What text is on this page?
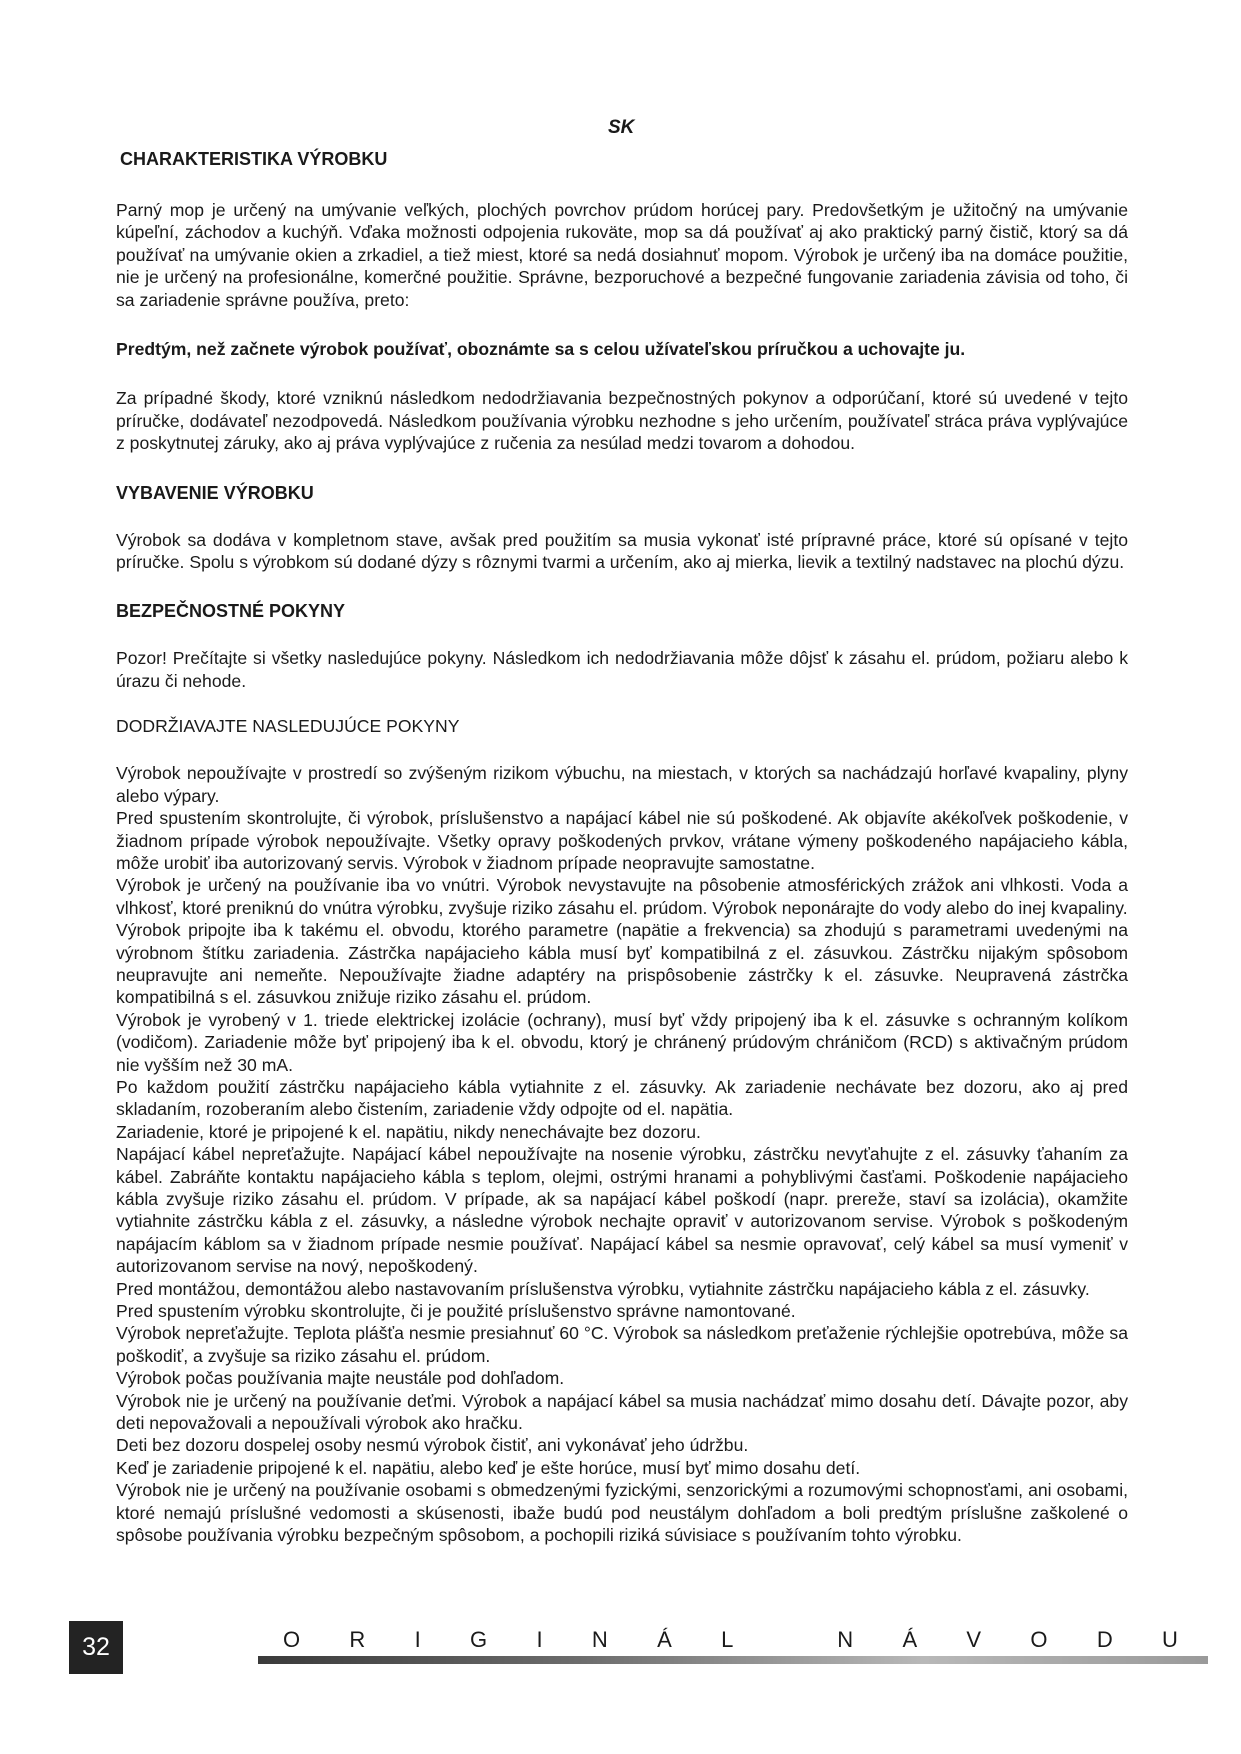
SK
CHARAKTERISTIKA VÝROBKU

Parný mop je určený na umývanie veľkých, plochých povrchov prúdom horúcej pary. Predovšetkým je užitočný na umývanie kúpeľní, záchodov a kuchýň. Vďaka možnosti odpojenia rukoväte, mop sa dá používať aj ako praktický parný čistič, ktorý sa dá používať na umývanie okien a zrkadiel, a tiež miest, ktoré sa nedá dosiahnuť mopom. Výrobok je určený iba na domáce použitie, nie je určený na profesionálne, komerčné použitie. Správne, bezporuchové a bezpečné fungovanie zariadenia závisia od toho, či sa zariadenie správne používa, preto:

Predtým, než začnete výrobok používať, oboznámte sa s celou užívateľskou príručkou a uchovajte ju.

Za prípadné škody, ktoré vzniknú následkom nedodržiavania bezpečnostných pokynov a odporúčaní, ktoré sú uvedené v tejto príručke, dodávateľ nezodpovedá. Následkom používania výrobku nezhodne s jeho určením, používateľ stráca práva vyplývajúce z poskytnutej záruky, ako aj práva vyplývajúce z ručenia za nesúlad medzi tovarom a dohodou.

VYBAVENIE VÝROBKU

Výrobok sa dodáva v kompletnom stave, avšak pred použitím sa musia vykonať isté prípravné práce, ktoré sú opísané v tejto príručke. Spolu s výrobkom sú dodané dýzy s rôznymi tvarmi a určením, ako aj mierka, lievik a textilný nadstavec na plochú dýzu.

BEZPEČNOSTNÉ POKYNY

Pozor! Prečítajte si všetky nasledujúce pokyny. Následkom ich nedodržiavania môže dôjsť k zásahu el. prúdom, požiaru alebo k úrazu či nehode.

DODRŽIAVAJTE NASLEDUJÚCE POKYNY

Výrobok nepoužívajte v prostredí so zvýšeným rizikom výbuchu, na miestach, v ktorých sa nachádzajú horľavé kvapaliny, plyny alebo výpary.

Pred spustením skontrolujte, či výrobok, príslušenstvo a napájací kábel nie sú poškodené. Ak objavíte akékoľvek poškodenie, v žiadnom prípade výrobok nepoužívajte. Všetky opravy poškodených prvkov, vrátane výmeny poškodeného napájacieho kábla, môže urobiť iba autorizovaný servis. Výrobok v žiadnom prípade neopravujte samostatne.

Výrobok je určený na používanie iba vo vnútri. Výrobok nevystavujte na pôsobenie atmosférických zrážok ani vlhkosti. Voda a vlhkosť, ktoré preniknú do vnútra výrobku, zvyšuje riziko zásahu el. prúdom. Výrobok neponárajte do vody alebo do inej kvapaliny.

Výrobok pripojte iba k takému el. obvodu, ktorého parametre (napätie a frekvencia) sa zhodujú s parametrami uvedenými na výrobnom štítku zariadenia. Zástrčka napájacieho kábla musí byť kompatibilná z el. zásuvkou. Zástrčku nijakým spôsobom neupravujte ani nemeňte. Nepoužívajte žiadne adaptéry na prispôsobenie zástrčky k el. zásuvke. Neupravená zástrčka kompatibilná s el. zásuvkou znižuje riziko zásahu el. prúdom.

Výrobok je vyrobený v 1. triede elektrickej izolácie (ochrany), musí byť vždy pripojený iba k el. zásuvke s ochranným kolíkom (vodičom). Zariadenie môže byť pripojený iba k el. obvodu, ktorý je chránený prúdovým chráničom (RCD) s aktivačným prúdom nie vyšším než 30 mA.

Po každom použití zástrčku napájacieho kábla vytiahnite z el. zásuvky. Ak zariadenie nechávate bez dozoru, ako aj pred skladaním, rozoberaním alebo čistením, zariadenie vždy odpojte od el. napätia.

Zariadenie, ktoré je pripojené k el. napätiu, nikdy nenechávajte bez dozoru.

Napájací kábel nepreťažujte. Napájací kábel nepoužívajte na nosenie výrobku, zástrčku nevyťahujte z el. zásuvky ťahaním za kábel. Zabráňte kontaktu napájacieho kábla s teplom, olejmi, ostrými hranami a pohyblivými časťami. Poškodenie napájacieho kábla zvyšuje riziko zásahu el. prúdom. V prípade, ak sa napájací kábel poškodí (napr. prereže, staví sa izolácia), okamžite vytiahnite zástrčku kábla z el. zásuvky, a následne výrobok nechajte opraviť v autorizovanom servise. Výrobok s poškodeným napájacím káblom sa v žiadnom prípade nesmie používať. Napájací kábel sa nesmie opravovať, celý kábel sa musí vymeniť v autorizovanom servise na nový, nepoškodený.

Pred montážou, demontážou alebo nastavovaním príslušenstva výrobku, vytiahnite zástrčku napájacieho kábla z el. zásuvky.

Pred spustením výrobku skontrolujte, či je použité príslušenstvo správne namontované.

Výrobok nepreťažujte. Teplota plášťa nesmie presiahnuť 60 °C. Výrobok sa následkom preťaženie rýchlejšie opotrebúva, môže sa poškodiť, a zvyšuje sa riziko zásahu el. prúdom.

Výrobok počas používania majte neustále pod dohľadom.

Výrobok nie je určený na používanie deťmi. Výrobok a napájací kábel sa musia nachádzať mimo dosahu detí. Dávajte pozor, aby deti nepovažovali a nepoužívali výrobok ako hračku.

Deti bez dozoru dospelej osoby nesmú výrobok čistiť, ani vykonávať jeho údržbu.

Keď je zariadenie pripojené k el. napätiu, alebo keď je ešte horúce, musí byť mimo dosahu detí.

Výrobok nie je určený na používanie osobami s obmedzenými fyzickými, senzorickými a rozumovými schopnosťami, ani osobami, ktoré nemajú príslušné vedomosti a skúsenosti, ibaže budú pod neustálym dohľadom a boli predtým príslušne zaškolené o spôsobe používania výrobku bezpečným spôsobom, a pochopili riziká súvisiace s používaním tohto výrobku.

32	O R I G I N Á L   N Á V O D U
